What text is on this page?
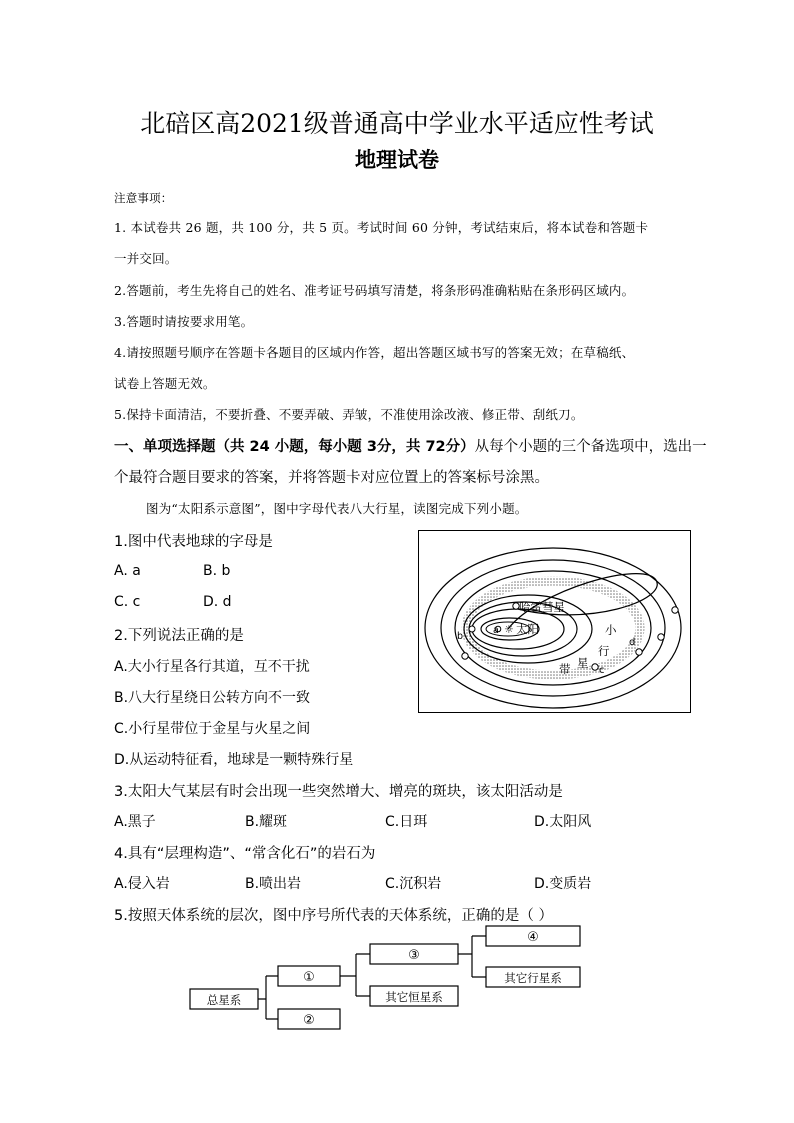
北碚区高2021级普通高中学业水平适应性考试
地理试卷
注意事项：
1. 本试卷共 26 题，共 100 分，共 5 页。考试时间 60 分钟，考试结束后，将本试卷和答题卡
一并交回。
2.答题前，考生先将自己的姓名、准考证号码填写清楚，将条形码准确粘贴在条形码区域内。
3.答题时请按要求用笔。
4.请按照题号顺序在答题卡各题目的区域内作答，超出答题区域书写的答案无效；在草稿纸、
试卷上答题无效。
5.保持卡面清洁，不要折叠、不要弄破、弄皱，不准使用涂改液、修正带、刮纸刀。
一、单项选择题（共 24 小题，每小题 3分，共 72分）从每个小题的三个备选项中，选出一
个最符合题目要求的答案，并将答题卡对应位置上的答案标号涂黑。
图为“太阳系示意图”，图中字母代表八大行星，读图完成下列小题。
1.图中代表地球的字母是
A. a	B. b
C. c	D. d
2.下列说法正确的是
A.大小行星各行其道，互不干扰
B.八大行星绕日公转方向不一致
C.小行星带位于金星与火星之间
D.从运动特征看，地球是一颗特殊行星
3.太阳大气某层有时会出现一些突然增大、增亮的斑块，该太阳活动是
A.黑子	B.耀斑	C.日珥	D.太阳风
4.具有“层理构造”、“常含化石”的岩石为
A.侵入岩	B.喷出岩	C.沉积岩	D.变质岩
5.按照天体系统的层次，图中序号所代表的天体系统，正确的是（ ）
☼
哈雷彗星
太阳
a
b
c
d
小
行
星
带
总星系
①
②
③
其它恒星系
④
其它行星系
